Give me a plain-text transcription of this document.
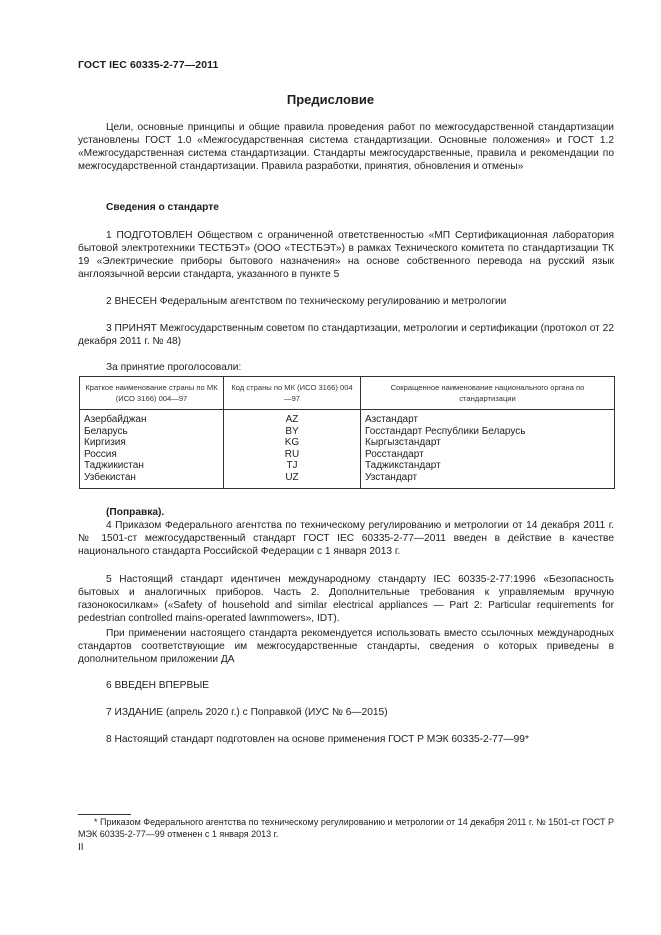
ГОСТ IEC 60335-2-77—2011
Предисловие
Цели, основные принципы и общие правила проведения работ по межгосударственной стандартизации установлены ГОСТ 1.0 «Межгосударственная система стандартизации. Основные положения» и ГОСТ 1.2 «Межгосударственная система стандартизации. Стандарты межгосударственные, правила и рекомендации по межгосударственной стандартизации. Правила разработки, принятия, обновления и отмены»
Сведения о стандарте
1 ПОДГОТОВЛЕН Обществом с ограниченной ответственностью «МП Сертификационная лаборатория бытовой электротехники ТЕСТБЭТ» (ООО «ТЕСТБЭТ») в рамках Технического комитета по стандартизации ТК 19 «Электрические приборы бытового назначения» на основе собственного перевода на русский язык англоязычной версии стандарта, указанного в пункте 5
2 ВНЕСЕН Федеральным агентством по техническому регулированию и метрологии
3 ПРИНЯТ Межгосударственным советом по стандартизации, метрологии и сертификации (протокол от 22 декабря 2011 г. № 48)
За принятие проголосовали:
Краткое наименование страны по МК (ИСО 3166) 004—97	Код страны по МК (ИСО 3166) 004—97	Сокращенное наименование национального органа по стандартизации
Азербайджан	AZ	Азстандарт
Беларусь	BY	Госстандарт Республики Беларусь
Киргизия	KG	Кыргызстандарт
Россия	RU	Росстандарт
Таджикистан	TJ	Таджикстандарт
Узбекистан	UZ	Узстандарт
(Поправка).
4 Приказом Федерального агентства по техническому регулированию и метрологии от 14 декабря 2011 г. № 1501-ст межгосударственный стандарт ГОСТ IEC 60335-2-77—2011 введен в действие в качестве национального стандарта Российской Федерации с 1 января 2013 г.
5 Настоящий стандарт идентичен международному стандарту IEC 60335-2-77:1996 «Безопасность бытовых и аналогичных приборов. Часть 2. Дополнительные требования к управляемым вручную газонокосилкам» («Safety of household and similar electrical appliances — Part 2: Particular requirements for pedestrian controlled mains-operated lawnmowers», IDT).
При применении настоящего стандарта рекомендуется использовать вместо ссылочных международных стандартов соответствующие им межгосударственные стандарты, сведения о которых приведены в дополнительном приложении ДА
6 ВВЕДЕН ВПЕРВЫЕ
7 ИЗДАНИЕ (апрель 2020 г.) с Поправкой (ИУС № 6—2015)
8 Настоящий стандарт подготовлен на основе применения ГОСТ Р МЭК 60335-2-77—99*
* Приказом Федерального агентства по техническому регулированию и метрологии от 14 декабря 2011 г. № 1501-ст ГОСТ Р МЭК 60335-2-77—99 отменен с 1 января 2013 г.
II
